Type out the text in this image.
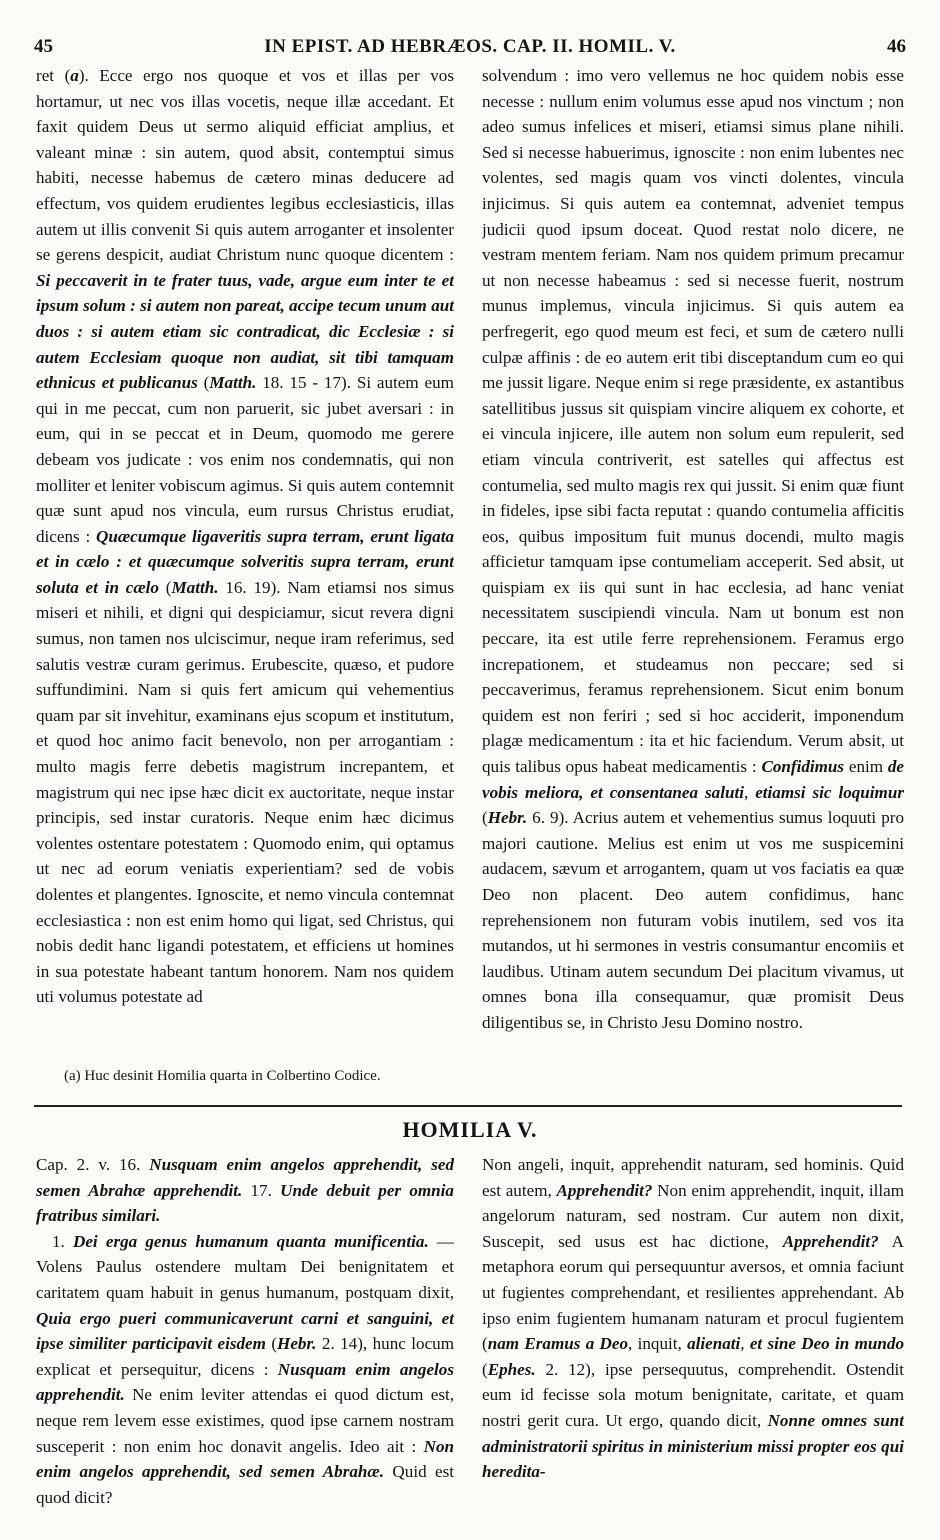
45	IN EPIST. AD HEBRÆOS. CAP. II. HOMIL. V.	46

ret (a). Ecce ergo nos quoque et vos et illas per vos hortamur, ut nec vos illas vocetis, neque illæ accedant. Et faxit quidem Deus ut sermo aliquid efficiat amplius, et valeant minæ : sin autem, quod absit, contemptui simus habiti, necesse habemus de cætero minas deducere ad effectum, vos quidem erudientes legibus ecclesiasticis, illas autem ut illis convenit Si quis autem arroganter et insolenter se gerens despicit, audiat Christum nunc quoque dicentem : Si peccaverit in te frater tuus, vade, argue eum inter te et ipsum solum : si autem non pareat, accipe tecum unum aut duos : si autem etiam sic contradicat, dic Ecclesiæ : si autem Ecclesiam quoque non audiat, sit tibi tamquam ethnicus et publicanus (Matth. 18. 15 - 17). Si autem eum qui in me peccat, cum non paruerit, sic jubet aversari : in eum, qui in se peccat et in Deum, quomodo me gerere debeam vos judicate : vos enim nos condemnatis, qui non molliter et leniter vobiscum agimus. Si quis autem contemnit quæ sunt apud nos vincula, eum rursus Christus erudiat, dicens : Quæcumque ligaveritis supra terram, erunt ligata et in cælo : et quæcumque solveritis supra terram, erunt soluta et in cælo (Matth. 16. 19). Nam etiamsi nos simus miseri et nihili, et digni qui despiciamur, sicut revera digni sumus, non tamen nos ulciscimur, neque iram referimus, sed salutis vestræ curam gerimus. Erubescite, quæso, et pudore suffundimini. Nam si quis fert amicum qui vehementius quam par sit invehitur, examinans ejus scopum et institutum, et quod hoc animo facit benevolo, non per arrogantiam : multo magis ferre debetis magistrum increpantem, et magistrum qui nec ipse hæc dicit ex auctoritate, neque instar principis, sed instar curatoris. Neque enim hæc dicimus volentes ostentare potestatem : Quomodo enim, qui optamus ut nec ad eorum veniatis experientiam? sed de vobis dolentes et plangentes. Ignoscite, et nemo vincula contemnat ecclesiastica : non est enim homo qui ligat, sed Christus, qui nobis dedit hanc ligandi potestatem, et efficiens ut homines in sua potestate habeant tantum honorem. Nam nos quidem uti volumus potestate ad

solvendum : imo vero vellemus ne hoc quidem nobis esse necesse : nullum enim volumus esse apud nos vinctum ; non adeo sumus infelices et miseri, etiamsi simus plane nihili. Sed si necesse habuerimus, ignoscite : non enim lubentes nec volentes, sed magis quam vos vincti dolentes, vincula injicimus. Si quis autem ea contemnat, adveniet tempus judicii quod ipsum doceat. Quod restat nolo dicere, ne vestram mentem feriam. Nam nos quidem primum precamur ut non necesse habeamus : sed si necesse fuerit, nostrum munus implemus, vincula injicimus. Si quis autem ea perfregerit, ego quod meum est feci, et sum de cætero nulli culpæ affinis : de eo autem erit tibi disceptandum cum eo qui me jussit ligare. Neque enim si rege præsidente, ex astantibus satellitibus jussus sit quispiam vincire aliquem ex cohorte, et ei vincula injicere, ille autem non solum eum repulerit, sed etiam vincula contriverit, est satelles qui affectus est contumelia, sed multo magis rex qui jussit. Si enim quæ fiunt in fideles, ipse sibi facta reputat : quando contumelia afficitis eos, quibus impositum fuit munus docendi, multo magis afficietur tamquam ipse contumeliam acceperit. Sed absit, ut quispiam ex iis qui sunt in hac ecclesia, ad hanc veniat necessitatem suscipiendi vincula. Nam ut bonum est non peccare, ita est utile ferre reprehensionem. Feramus ergo increpationem, et studeamus non peccare; sed si peccaverimus, feramus reprehensionem. Sicut enim bonum quidem est non feriri ; sed si hoc acciderit, imponendum plagæ medicamentum : ita et hic faciendum. Verum absit, ut quis talibus opus habeat medicamentis : Confidimus enim de vobis meliora, et consentanea saluti, etiamsi sic loquimur (Hebr. 6. 9). Acrius autem et vehementius sumus loquuti pro majori cautione. Melius est enim ut vos me suspicemini audacem, sævum et arrogantem, quam ut vos faciatis ea quæ Deo non placent. Deo autem confidimus, hanc reprehensionem non futuram vobis inutilem, sed vos ita mutandos, ut hi sermones in vestris consumantur encomiis et laudibus. Utinam autem secundum Dei placitum vivamus, ut omnes bona illa consequamur, quæ promisit Deus diligentibus se, in Christo Jesu Domino nostro.

(a) Huc desinit Homilia quarta in Colbertino Codice.
HOMILIA V.

Cap. 2. v. 16. Nusquam enim angelos apprehendit, sed semen Abrahæ apprehendit. 17. Unde debuit per omnia fratribus similari.

1. Dei erga genus humanum quanta munificentia. — Volens Paulus ostendere multam Dei benignitatem et caritatem quam habuit in genus humanum, postquam dixit, Quia ergo pueri communicaverunt carni et sanguini, et ipse similiter participavit eisdem (Hebr. 2. 14), hunc locum explicat et persequitur, dicens : Nusquam enim angelos apprehendit. Ne enim leviter attendas ei quod dictum est, neque rem levem esse existimes, quod ipse carnem nostram susceperit : non enim hoc donavit angelis. Ideo ait : Non enim angelos apprehendit, sed semen Abrahæ. Quid est quod dicit?

Non angeli, inquit, apprehendit naturam, sed hominis. Quid est autem, Apprehendit? Non enim apprehendit, inquit, illam angelorum naturam, sed nostram. Cur autem non dixit, Suscepit, sed usus est hac dictione, Apprehendit? A metaphora eorum qui persequuntur aversos, et omnia faciunt ut fugientes comprehendant, et resilientes apprehendant. Ab ipso enim fugientem humanam naturam et procul fugientem (nam Eramus a Deo, inquit, alienati, et sine Deo in mundo (Ephes. 2. 12), ipse persequutus, comprehendit. Ostendit eum id fecisse sola motum benignitate, caritate, et quam nostri gerit cura. Ut ergo, quando dicit, Nonne omnes sunt administratorii spiritus in ministerium missi propter eos qui heredita-
